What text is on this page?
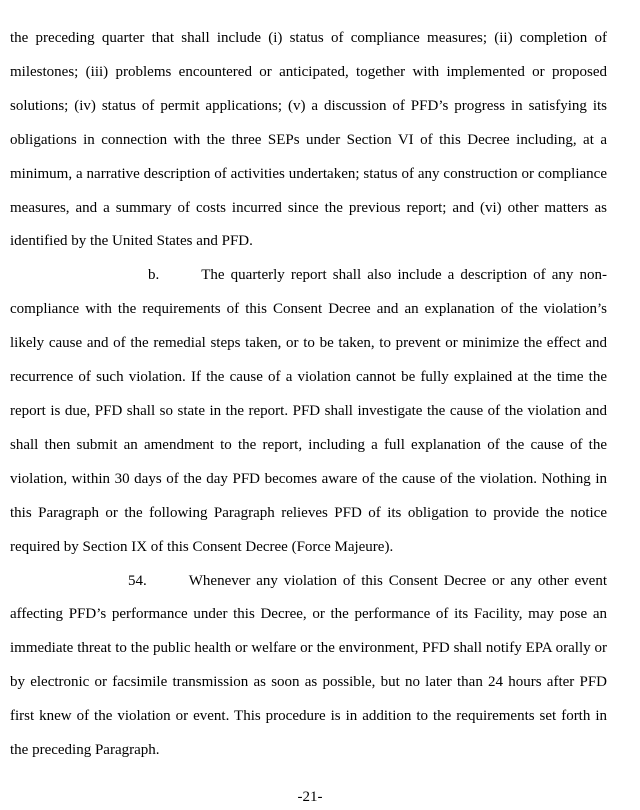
the preceding quarter that shall include (i) status of compliance measures; (ii) completion of milestones; (iii) problems encountered or anticipated, together with implemented or proposed solutions; (iv) status of permit applications; (v) a discussion of PFD’s progress in satisfying its obligations in connection with the three SEPs under Section VI of this Decree including, at a minimum, a narrative description of activities undertaken; status of any construction or compliance measures, and a summary of costs incurred since the previous report; and (vi) other matters as identified by the United States and PFD.

b.	The quarterly report shall also include a description of any non-compliance with the requirements of this Consent Decree and an explanation of the violation’s likely cause and of the remedial steps taken, or to be taken, to prevent or minimize the effect and recurrence of such violation. If the cause of a violation cannot be fully explained at the time the report is due, PFD shall so state in the report. PFD shall investigate the cause of the violation and shall then submit an amendment to the report, including a full explanation of the cause of the violation, within 30 days of the day PFD becomes aware of the cause of the violation. Nothing in this Paragraph or the following Paragraph relieves PFD of its obligation to provide the notice required by Section IX of this Consent Decree (Force Majeure).

54.	Whenever any violation of this Consent Decree or any other event affecting PFD’s performance under this Decree, or the performance of its Facility, may pose an immediate threat to the public health or welfare or the environment, PFD shall notify EPA orally or by electronic or facsimile transmission as soon as possible, but no later than 24 hours after PFD first knew of the violation or event. This procedure is in addition to the requirements set forth in the preceding Paragraph.

-21-
